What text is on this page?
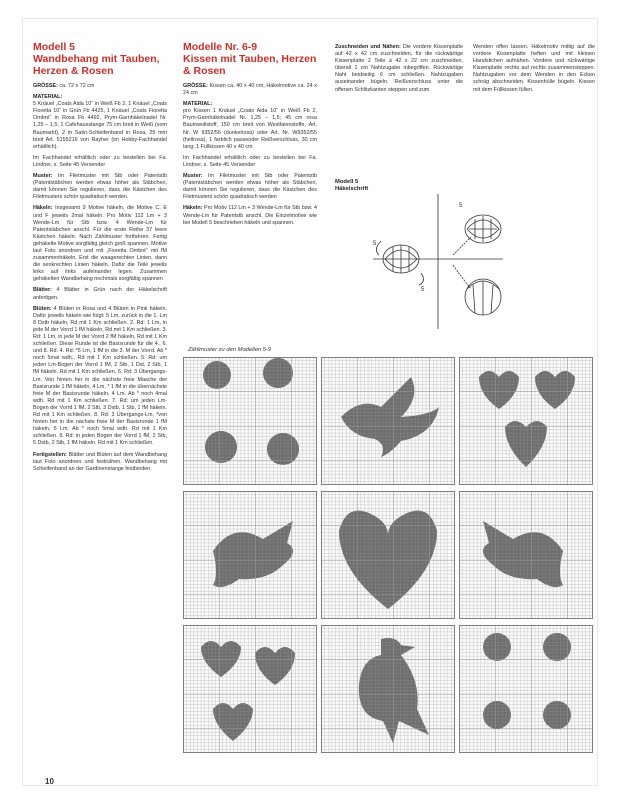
Modell 5
Wandbehang mit Tauben, Herzen & Rosen

GRÖSSE: ca. 72 x 72 cm

MATERIAL:
5 Knäuel „Coats Aida 10“ in Weiß Fb 2, 1 Knäuel „Coats Fioretta 10“ in Grün Fb 4425, 1 Knäuel „Coats Fioretta Ombré“ in Rosa Fb 4492, Prym-Garnhäkelnadel Nr. 1,25 – 1,5; 1 Cafehausstange 75 cm breit in Weiß (vom Baumarkt), 2 m Satin-Schleifenband in Rosa, 25 mm breit Art. 5155216 von Rayher (im Hobby-Fachhandel erhältlich).

Im Fachhandel erhältlich oder zu bestellen bei Fa. Lindner, s. Seite 45 Versender

Muster: Im Filetmuster mit Stb oder Patentstb (Patentstäbchen werden etwas höher als Stäbchen, damit können Sie regulieren, dass die Kästchen des Filetmusters schön quadratisch werden.

Häkeln: Insgesamt 9 Motive häkeln, die Motive C, E und F jeweils 2mal häkeln. Pro Motiv 112 Lm + 3 Wende-Lm für Stb bzw. 4 Wende-Lm für Patentstäbchen anschl. Für die erste Reihe 37 leere Kästchen häkeln. Nach Zählmuster fortfahren. Fertig gehäkelte Motive sorgfältig gleich groß spannen. Motive laut Foto anordnen und mit „Fioretta Ombré“ mit fM zusammenhäkeln. Erst die waagerechten Linien, dann die senkrechten Linien häkeln. Dafür die Teile jeweils links auf links aufeinander legen. Zusammen gehäkelten Wandbehang nochmals sorgfältig spannen

Blätter: 4 Blätter in Grün nach der Häkelschrift anfertigen.

Blüten: 4 Blüten in Rosa und 4 Blüten in Pink häkeln. Dafür jeweils häkeln wie folgt: 5 Lm, zurück in die 1. Lm 8 Dstb häkeln, Rd mit 1 Km schließen. 2. Rd: 1 Lm, in jede M der Vorrd 1 fM häkeln, Rd mit 1 Km schließen. 3. Rd: 1 Lm, in jede M der Vorrd 2 fM häkeln, Rd mit 1 Km schließen. Diese Runde ist die Basisrunde für die 4., 6. und 8. Rd. 4. Rd: *5 Lm, 1 fM in die 3. M der Vorrd. Ab * noch 5mal wdh., Rd mit 1 Km schließen. 5. Rd: um jeden Lm-Bogen der Vorrd 1 fM, 2 Stb, 1 Dst, 2 Stb, 1 fM häkeln. Rd mit 1 Km schließen. 6. Rd: 3 Übergangs-Lm. Von hinten her in die nächste freie Masche der Basisrunde 1 fM häkeln, 4 Lm, * 1 fM in die übernächste freie M der Basisrunde häkeln, 4 Lm. Ab * noch 4mal wdh. Rd mit 1 Km schließen. 7. Rd: um jeden Lm-Bogen der Vorrd 1 fM, 2 Stb, 3 Dstb, 1 Stb, 1 fM häkeln. Rd mit 1 Km schließen. 8. Rd: 3 Übergangs-Lm, *von hinten her in die nächste freie M der Basisrunde 1 fM häkeln, 5 Lm. Ab * noch 5mal wdh. Rd mit 1 Km schließen. 9. Rd: in jeden Bogen der Vorrd 1 fM, 2 Stb, 5 Dstb, 2 Stb, 1 fM häkeln. Rd mit 1 Km schließen.

Fertigstellen: Blätter und Blüten auf dem Wandbehang laut Foto anordnen und festnähen. Wandbehang mit Schleifenband an der Gardinenstange festbinden.

Modelle Nr. 6-9
Kissen mit Tauben, Herzen & Rosen

GRÖSSE: Kissen ca. 40 x 40 cm, Häkelmotive ca. 24 x 24 cm

MATERIAL:
pro Kissen 1 Knäuel „Coats Aida 10“ in Weiß Fb 2, Prym-Garnhäkelnadel Nr. 1,25 – 1,5; 45 cm rosa Baumwollstoff, 150 cm breit von Westfalenstoffe, Art. Nr. W 9352/56 (dunkelrosa) oder Art. Nr. W9352/55 (hellrosa), 1 farblich passender Reißverschluss, 30 cm lang, 1 Füllkissen 40 x 40 cm

Im Fachhandel erhältlich oder zu bestellen bei Fa. Lindner, s. Seite 45 Versender

Muster: Im Filetmuster mit Stb oder Patentstb (Patentstäbchen werden etwas höher als Stäbchen, damit können Sie regulieren, dass die Kästchen des Filetmusters schön quadratisch werden

Häkeln: Pro Motiv 112 Lm + 3 Wende-Lm für Stb bzw. 4 Wende-Lm für Patentstb anschl. Die Einzelmotive wie bei Modell 5 beschrieben häkeln und spannen.

Zuschneiden und Nähen: Die vordere Kissenplatte auf 42 x 42 cm zuschneiden, für die rückwärtige Kissenplatte 2 Teile à 42 x 22 cm zuschneiden, überall 1 cm Nahtzugabe inbegriffen. Rückwärtige Naht beidseitig 6 cm schließen. Nahtzugaben auseinander bügeln. Reißverschluss unter die offenen Schlitzkanten steppen und zum

Wenden offen lassen. Häkelmotiv mittig auf die vordere Kissenplatte heften und mit kleinen Handstichen aufnähen. Vordere und rückwärtige Kissenplatte rechts auf rechts zusammensteppen. Nahtzugaben vor dem Wenden in den Ecken schräg abschneiden. Kissenhülle bügeln. Kissen mit dem Füllkissen füllen.

Modell 5
Häkelschrift
5
5
5
Zählmuster zu den Modellen 5-9
10
